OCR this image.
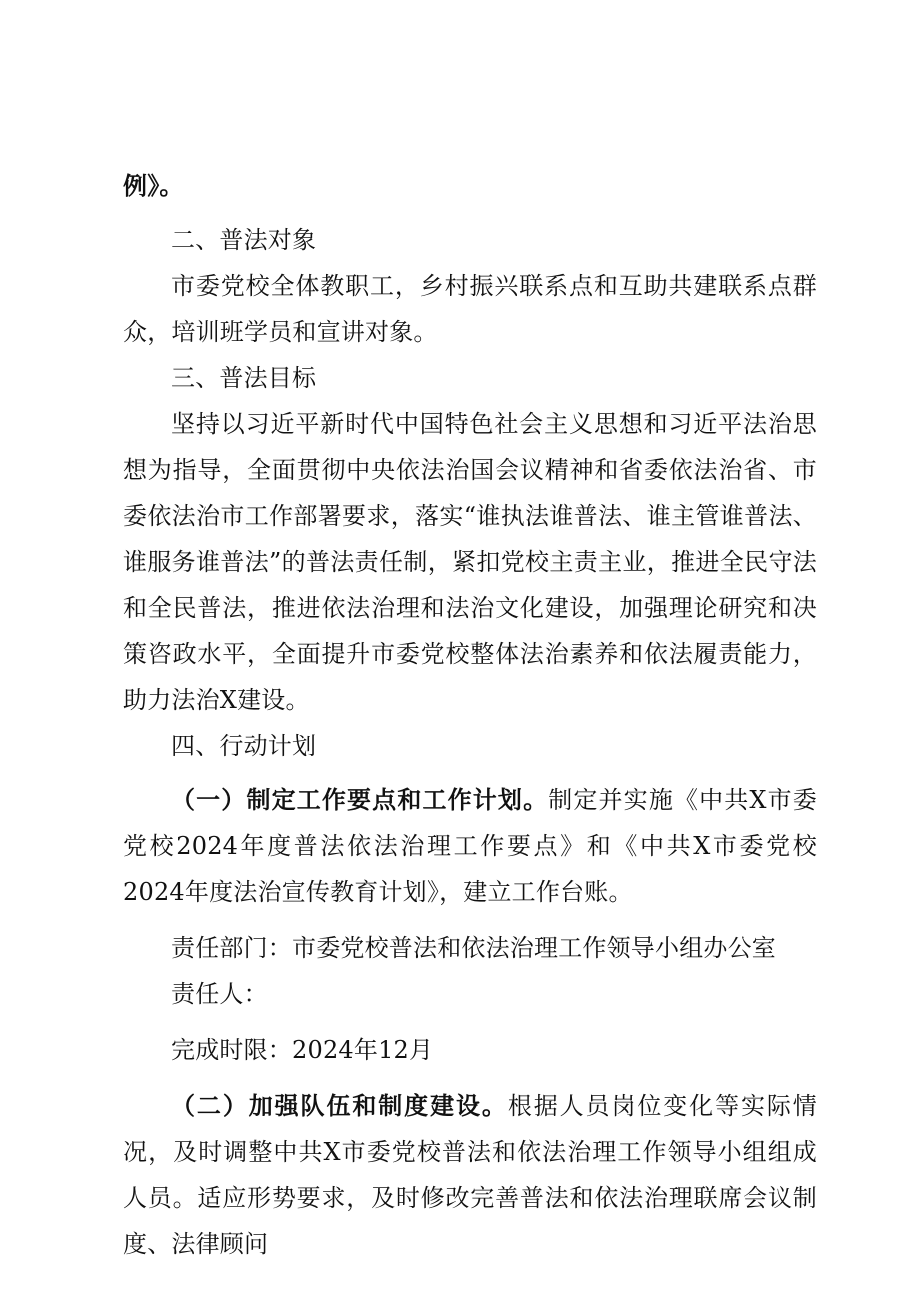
例》。

二、普法对象

市委党校全体教职工，乡村振兴联系点和互助共建联系点群众，培训班学员和宣讲对象。

三、普法目标

坚持以习近平新时代中国特色社会主义思想和习近平法治思想为指导，全面贯彻中央依法治国会议精神和省委依法治省、市委依法治市工作部署要求，落实“谁执法谁普法、谁主管谁普法、谁服务谁普法”的普法责任制，紧扣党校主责主业，推进全民守法和全民普法，推进依法治理和法治文化建设，加强理论研究和决策咨政水平，全面提升市委党校整体法治素养和依法履责能力，助力法治X建设。

四、行动计划

（一）制定工作要点和工作计划。制定并实施《中共X市委党校2024年度普法依法治理工作要点》和《中共X市委党校2024年度法治宣传教育计划》，建立工作台账。

责任部门：市委党校普法和依法治理工作领导小组办公室

责任人：

完成时限：2024年12月

（二）加强队伍和制度建设。根据人员岗位变化等实际情况，及时调整中共X市委党校普法和依法治理工作领导小组组成人员。适应形势要求，及时修改完善普法和依法治理联席会议制度、法律顾问
